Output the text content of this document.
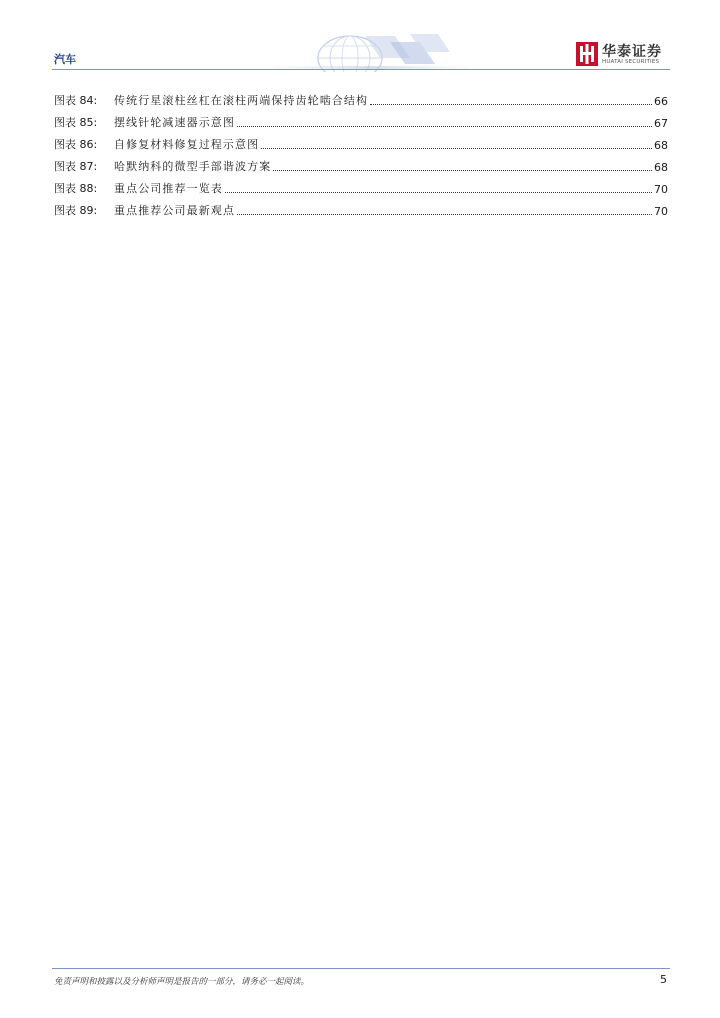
汽车	华泰证券
HUATAI SECURITIES
图表 84:	传统行星滚柱丝杠在滚柱两端保持齿轮啮合结构	66
图表 85:	摆线针轮减速器示意图	67
图表 86:	自修复材料修复过程示意图	68
图表 87:	哈默纳科的微型手部谐波方案	68
图表 88:	重点公司推荐一览表	70
图表 89:	重点推荐公司最新观点	70
免责声明和披露以及分析师声明是报告的一部分，请务必一起阅读。	5
